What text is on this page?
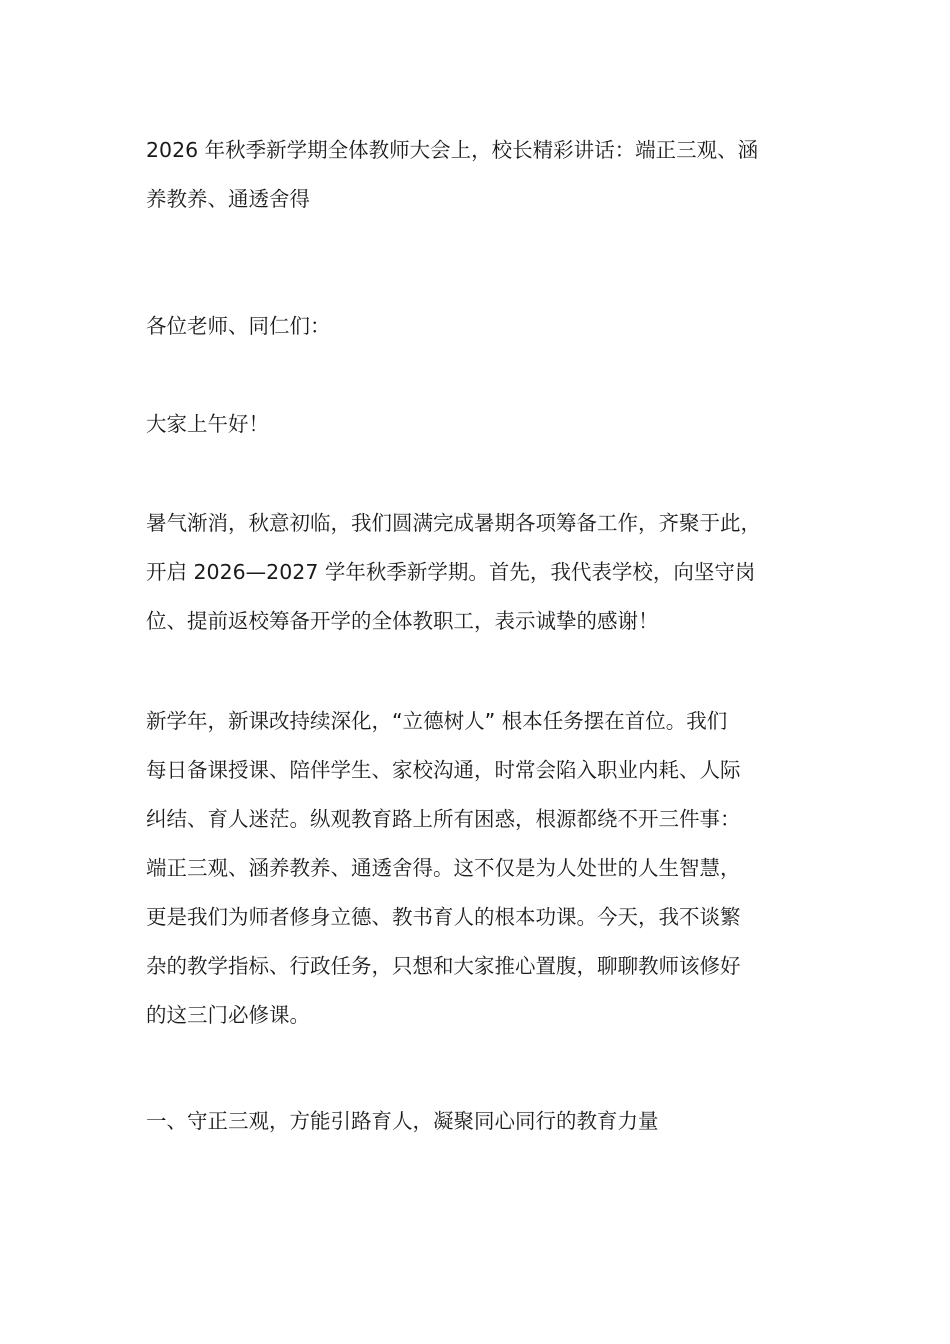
2026 年秋季新学期全体教师大会上，校长精彩讲话：端正三观、涵
养教养、通透舍得
各位老师、同仁们：
大家上午好！
暑气渐消，秋意初临，我们圆满完成暑期各项筹备工作，齐聚于此，
开启 2026—2027 学年秋季新学期。首先，我代表学校，向坚守岗
位、提前返校筹备开学的全体教职工，表示诚挚的感谢！
新学年，新课改持续深化，“立德树人” 根本任务摆在首位。我们
每日备课授课、陪伴学生、家校沟通，时常会陷入职业内耗、人际
纠结、育人迷茫。纵观教育路上所有困惑，根源都绕不开三件事：
端正三观、涵养教养、通透舍得。这不仅是为人处世的人生智慧，
更是我们为师者修身立德、教书育人的根本功课。今天，我不谈繁
杂的教学指标、行政任务，只想和大家推心置腹，聊聊教师该修好
的这三门必修课。
一、守正三观，方能引路育人，凝聚同心同行的教育力量
